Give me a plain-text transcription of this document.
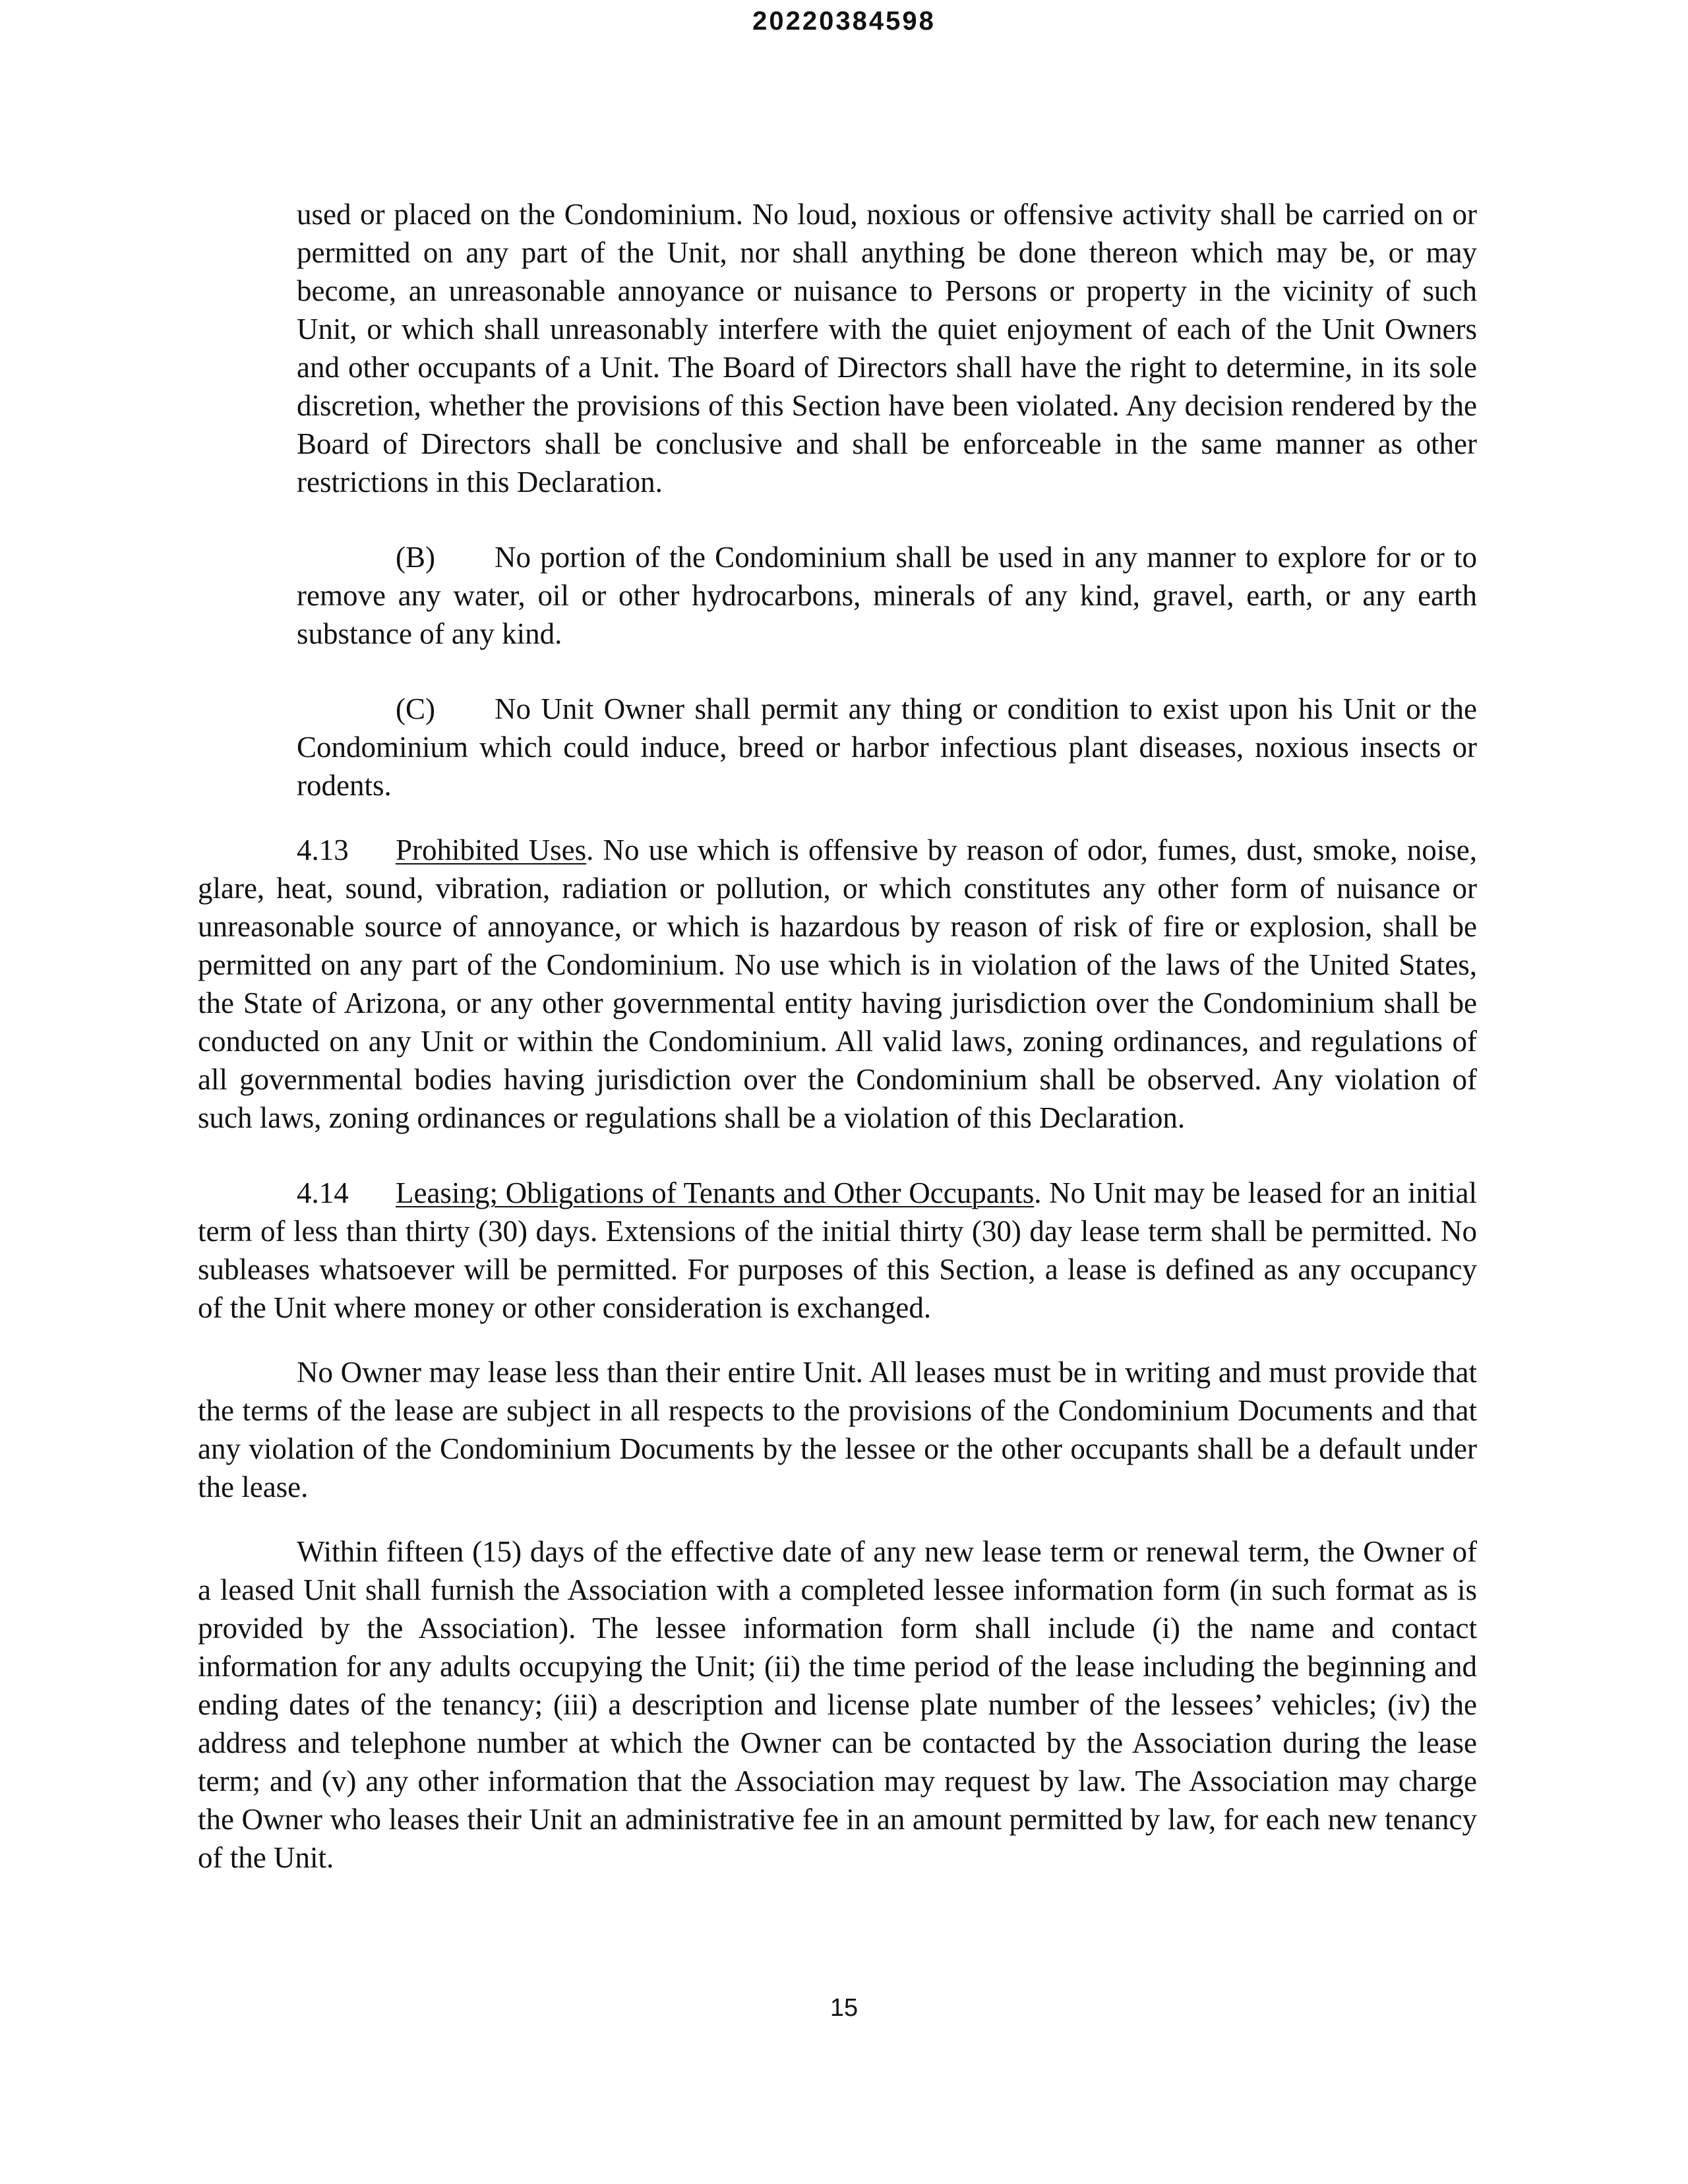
20220384598

used or placed on the Condominium. No loud, noxious or offensive activity shall be carried on or permitted on any part of the Unit, nor shall anything be done thereon which may be, or may become, an unreasonable annoyance or nuisance to Persons or property in the vicinity of such Unit, or which shall unreasonably interfere with the quiet enjoyment of each of the Unit Owners and other occupants of a Unit. The Board of Directors shall have the right to determine, in its sole discretion, whether the provisions of this Section have been violated. Any decision rendered by the Board of Directors shall be conclusive and shall be enforceable in the same manner as other restrictions in this Declaration.

(B) No portion of the Condominium shall be used in any manner to explore for or to remove any water, oil or other hydrocarbons, minerals of any kind, gravel, earth, or any earth substance of any kind.

(C) No Unit Owner shall permit any thing or condition to exist upon his Unit or the Condominium which could induce, breed or harbor infectious plant diseases, noxious insects or rodents.

4.13 Prohibited Uses. No use which is offensive by reason of odor, fumes, dust, smoke, noise, glare, heat, sound, vibration, radiation or pollution, or which constitutes any other form of nuisance or unreasonable source of annoyance, or which is hazardous by reason of risk of fire or explosion, shall be permitted on any part of the Condominium. No use which is in violation of the laws of the United States, the State of Arizona, or any other governmental entity having jurisdiction over the Condominium shall be conducted on any Unit or within the Condominium. All valid laws, zoning ordinances, and regulations of all governmental bodies having jurisdiction over the Condominium shall be observed. Any violation of such laws, zoning ordinances or regulations shall be a violation of this Declaration.

4.14 Leasing; Obligations of Tenants and Other Occupants. No Unit may be leased for an initial term of less than thirty (30) days. Extensions of the initial thirty (30) day lease term shall be permitted. No subleases whatsoever will be permitted. For purposes of this Section, a lease is defined as any occupancy of the Unit where money or other consideration is exchanged.

No Owner may lease less than their entire Unit. All leases must be in writing and must provide that the terms of the lease are subject in all respects to the provisions of the Condominium Documents and that any violation of the Condominium Documents by the lessee or the other occupants shall be a default under the lease.

Within fifteen (15) days of the effective date of any new lease term or renewal term, the Owner of a leased Unit shall furnish the Association with a completed lessee information form (in such format as is provided by the Association). The lessee information form shall include (i) the name and contact information for any adults occupying the Unit; (ii) the time period of the lease including the beginning and ending dates of the tenancy; (iii) a description and license plate number of the lessees’ vehicles; (iv) the address and telephone number at which the Owner can be contacted by the Association during the lease term; and (v) any other information that the Association may request by law. The Association may charge the Owner who leases their Unit an administrative fee in an amount permitted by law, for each new tenancy of the Unit.

15
